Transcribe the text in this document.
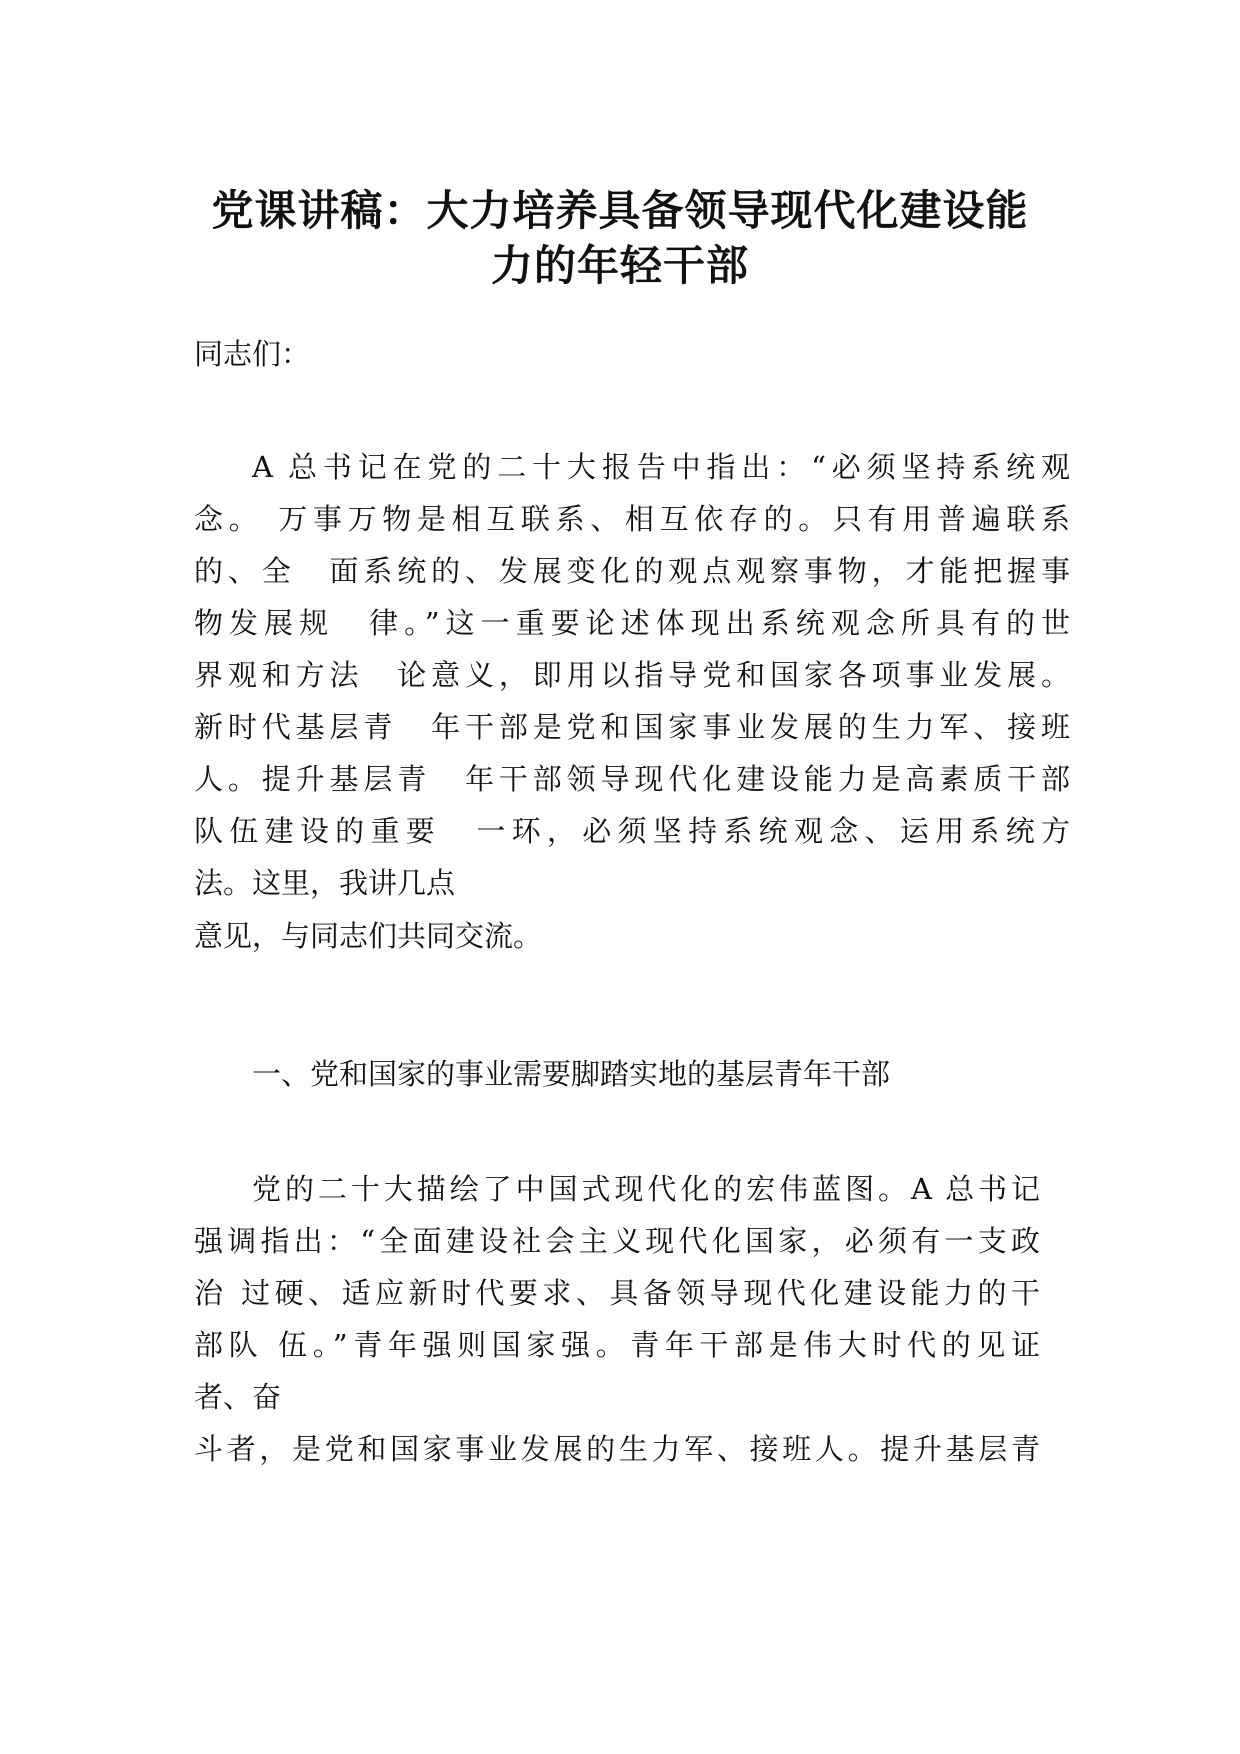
党课讲稿：大力培养具备领导现代化建设能
力的年轻干部

同志们：

A 总书记在党的二十大报告中指出：“必须坚持系统观

念。 万事万物是相互联系、相互依存的。只有用普遍联系

的、全　面系统的、发展变化的观点观察事物，才能把握事

物发展规　律。”这一重要论述体现出系统观念所具有的世

界观和方法　论意义，即用以指导党和国家各项事业发展。

新时代基层青　年干部是党和国家事业发展的生力军、接班

人。提升基层青　年干部领导现代化建设能力是高素质干部

队伍建设的重要　一环，必须坚持系统观念、运用系统方

法。这里，我讲几点

意见，与同志们共同交流。

一、党和国家的事业需要脚踏实地的基层青年干部

党的二十大描绘了中国式现代化的宏伟蓝图。A 总书记

强调指出：“全面建设社会主义现代化国家，必须有一支政

治 过硬、适应新时代要求、具备领导现代化建设能力的干

部队 伍。”青年强则国家强。青年干部是伟大时代的见证

者、奋

斗者，是党和国家事业发展的生力军、接班人。提升基层青
